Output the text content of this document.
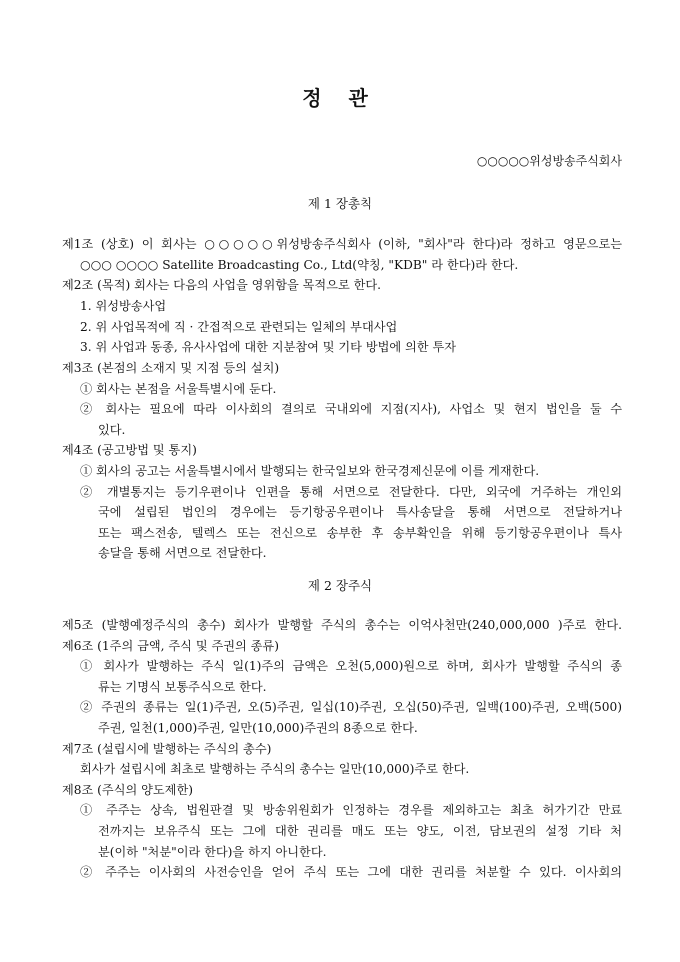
정 관
○○○○○위성방송주식회사
제 1 장총칙
제1조 (상호) 이 회사는 ○○○○○위성방송주식회사 (이하, "회사"라 한다)라 정하고 영문으로는
○○○ ○○○○ Satellite Broadcasting Co., Ltd(약칭, "KDB" 라 한다)라 한다.
제2조 (목적) 회사는 다음의 사업을 영위함을 목적으로 한다.
1. 위성방송사업
2. 위 사업목적에 직 · 간접적으로 관련되는 일체의 부대사업
3. 위 사업과 동종, 유사사업에 대한 지분참여 및 기타 방법에 의한 투자
제3조 (본점의 소재지 및 지점 등의 설치)
① 회사는 본점을 서울특별시에 둔다.
② 회사는 필요에 따라 이사회의 결의로 국내외에 지점(지사), 사업소 및 현지 법인을 둘 수
있다.
제4조 (공고방법 및 통지)
① 회사의 공고는 서울특별시에서 발행되는 한국일보와 한국경제신문에 이를 게재한다.
② 개별통지는 등기우편이나 인편을 통해 서면으로 전달한다. 다만, 외국에 거주하는 개인외
국에 설립된 법인의 경우에는 등기항공우편이나 특사송달을 통해 서면으로 전달하거나
또는 팩스전송, 텔렉스 또는 전신으로 송부한 후 송부확인을 위해 등기항공우편이나 특사
송달을 통해 서면으로 전달한다.
제 2 장주식
제5조 (발행예정주식의 총수) 회사가 발행할 주식의 총수는 이억사천만(240,000,000 )주로 한다.
제6조 (1주의 금액, 주식 및 주권의 종류)
① 회사가 발행하는 주식 일(1)주의 금액은 오천(5,000)원으로 하며, 회사가 발행할 주식의 종
류는 기명식 보통주식으로 한다.
② 주권의 종류는 일(1)주권, 오(5)주권, 일십(10)주권, 오십(50)주권, 일백(100)주권, 오백(500)
주권, 일천(1,000)주권, 일만(10,000)주권의 8종으로 한다.
제7조 (설립시에 발행하는 주식의 총수)
회사가 설립시에 최초로 발행하는 주식의 총수는 일만(10,000)주로 한다.
제8조 (주식의 양도제한)
① 주주는 상속, 법원판결 및 방송위원회가 인정하는 경우를 제외하고는 최초 허가기간 만료
전까지는 보유주식 또는 그에 대한 권리를 매도 또는 양도, 이전, 담보권의 설정 기타 처
분(이하 "처분"이라 한다)을 하지 아니한다.
② 주주는 이사회의 사전승인을 얻어 주식 또는 그에 대한 권리를 처분할 수 있다. 이사회의
